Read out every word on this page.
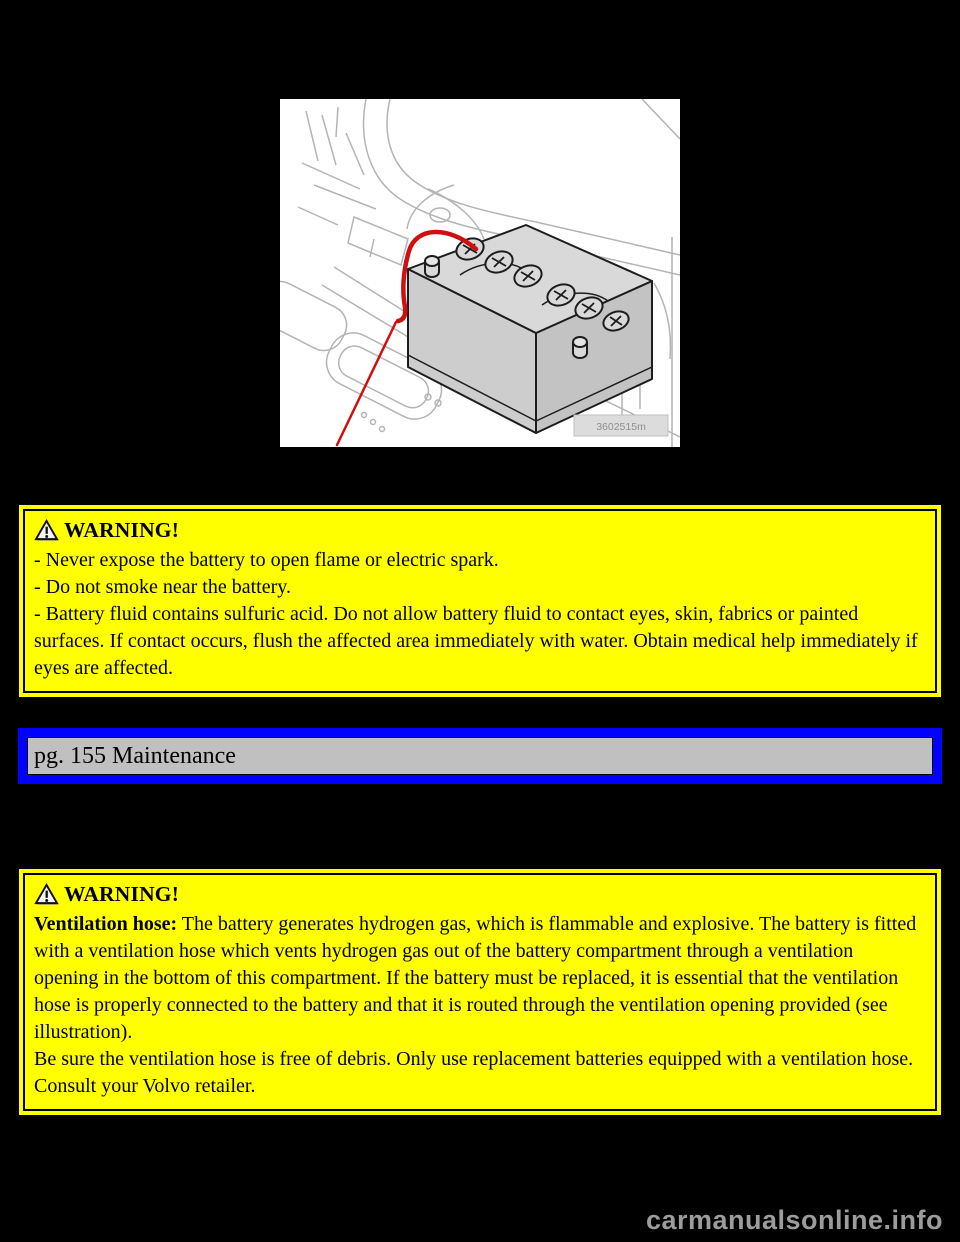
3602515m
WARNING!
- Never expose the battery to open flame or electric spark.
- Do not smoke near the battery.
- Battery fluid contains sulfuric acid. Do not allow battery fluid to contact eyes, skin, fabrics or painted surfaces. If contact occurs, flush the affected area immediately with water. Obtain medical help immediately if eyes are affected.
pg. 155 Maintenance
WARNING!
Ventilation hose: The battery generates hydrogen gas, which is flammable and explosive. The battery is fitted with a ventilation hose which vents hydrogen gas out of the battery compartment through a ventilation opening in the bottom of this compartment. If the battery must be replaced, it is essential that the ventilation hose is properly connected to the battery and that it is routed through the ventilation opening provided (see illustration).
Be sure the ventilation hose is free of debris. Only use replacement batteries equipped with a ventilation hose. Consult your Volvo retailer.
carmanualsonline.info
